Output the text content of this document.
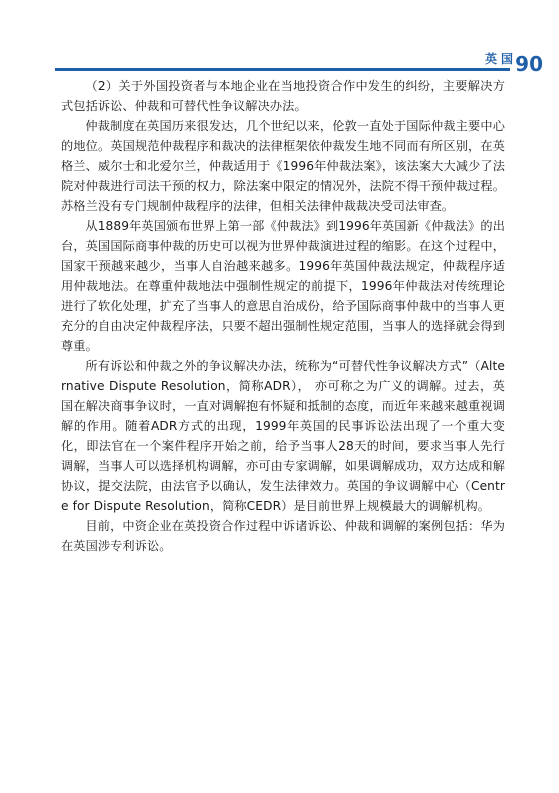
英国
90

（2）关于外国投资者与本地企业在当地投资合作中发生的纠纷，主要解决方式包括诉讼、仲裁和可替代性争议解决办法。

仲裁制度在英国历来很发达，几个世纪以来，伦敦一直处于国际仲裁主要中心的地位。英国规范仲裁程序和裁决的法律框架依仲裁发生地不同而有所区别，在英格兰、威尔士和北爱尔兰，仲裁适用于《1996年仲裁法案》，该法案大大减少了法院对仲裁进行司法干预的权力，除法案中限定的情况外，法院不得干预仲裁过程。苏格兰没有专门规制仲裁程序的法律，但相关法律仲裁裁决受司法审查。

从1889年英国颁布世界上第一部《仲裁法》到1996年英国新《仲裁法》的出台，英国国际商事仲裁的历史可以视为世界仲裁演进过程的缩影。在这个过程中，国家干预越来越少，当事人自治越来越多。1996年英国仲裁法规定，仲裁程序适用仲裁地法。在尊重仲裁地法中强制性规定的前提下，1996年仲裁法对传统理论进行了软化处理，扩充了当事人的意思自治成份，给予国际商事仲裁中的当事人更充分的自由决定仲裁程序法，只要不超出强制性规定范围，当事人的选择就会得到尊重。

所有诉讼和仲裁之外的争议解决办法，统称为“可替代性争议解决方式”（Alternative Dispute Resolution，简称ADR）， 亦可称之为广义的调解。过去，英国在解决商事争议时，一直对调解抱有怀疑和抵制的态度，而近年来越来越重视调解的作用。随着ADR方式的出现，1999年英国的民事诉讼法出现了一个重大变化，即法官在一个案件程序开始之前，给予当事人28天的时间，要求当事人先行调解，当事人可以选择机构调解，亦可由专家调解，如果调解成功，双方达成和解协议，提交法院，由法官予以确认，发生法律效力。英国的争议调解中心（Centre for Dispute Resolution，简称CEDR）是目前世界上规模最大的调解机构。

目前，中资企业在英投资合作过程中诉诸诉讼、仲裁和调解的案例包括：华为在英国涉专利诉讼。
